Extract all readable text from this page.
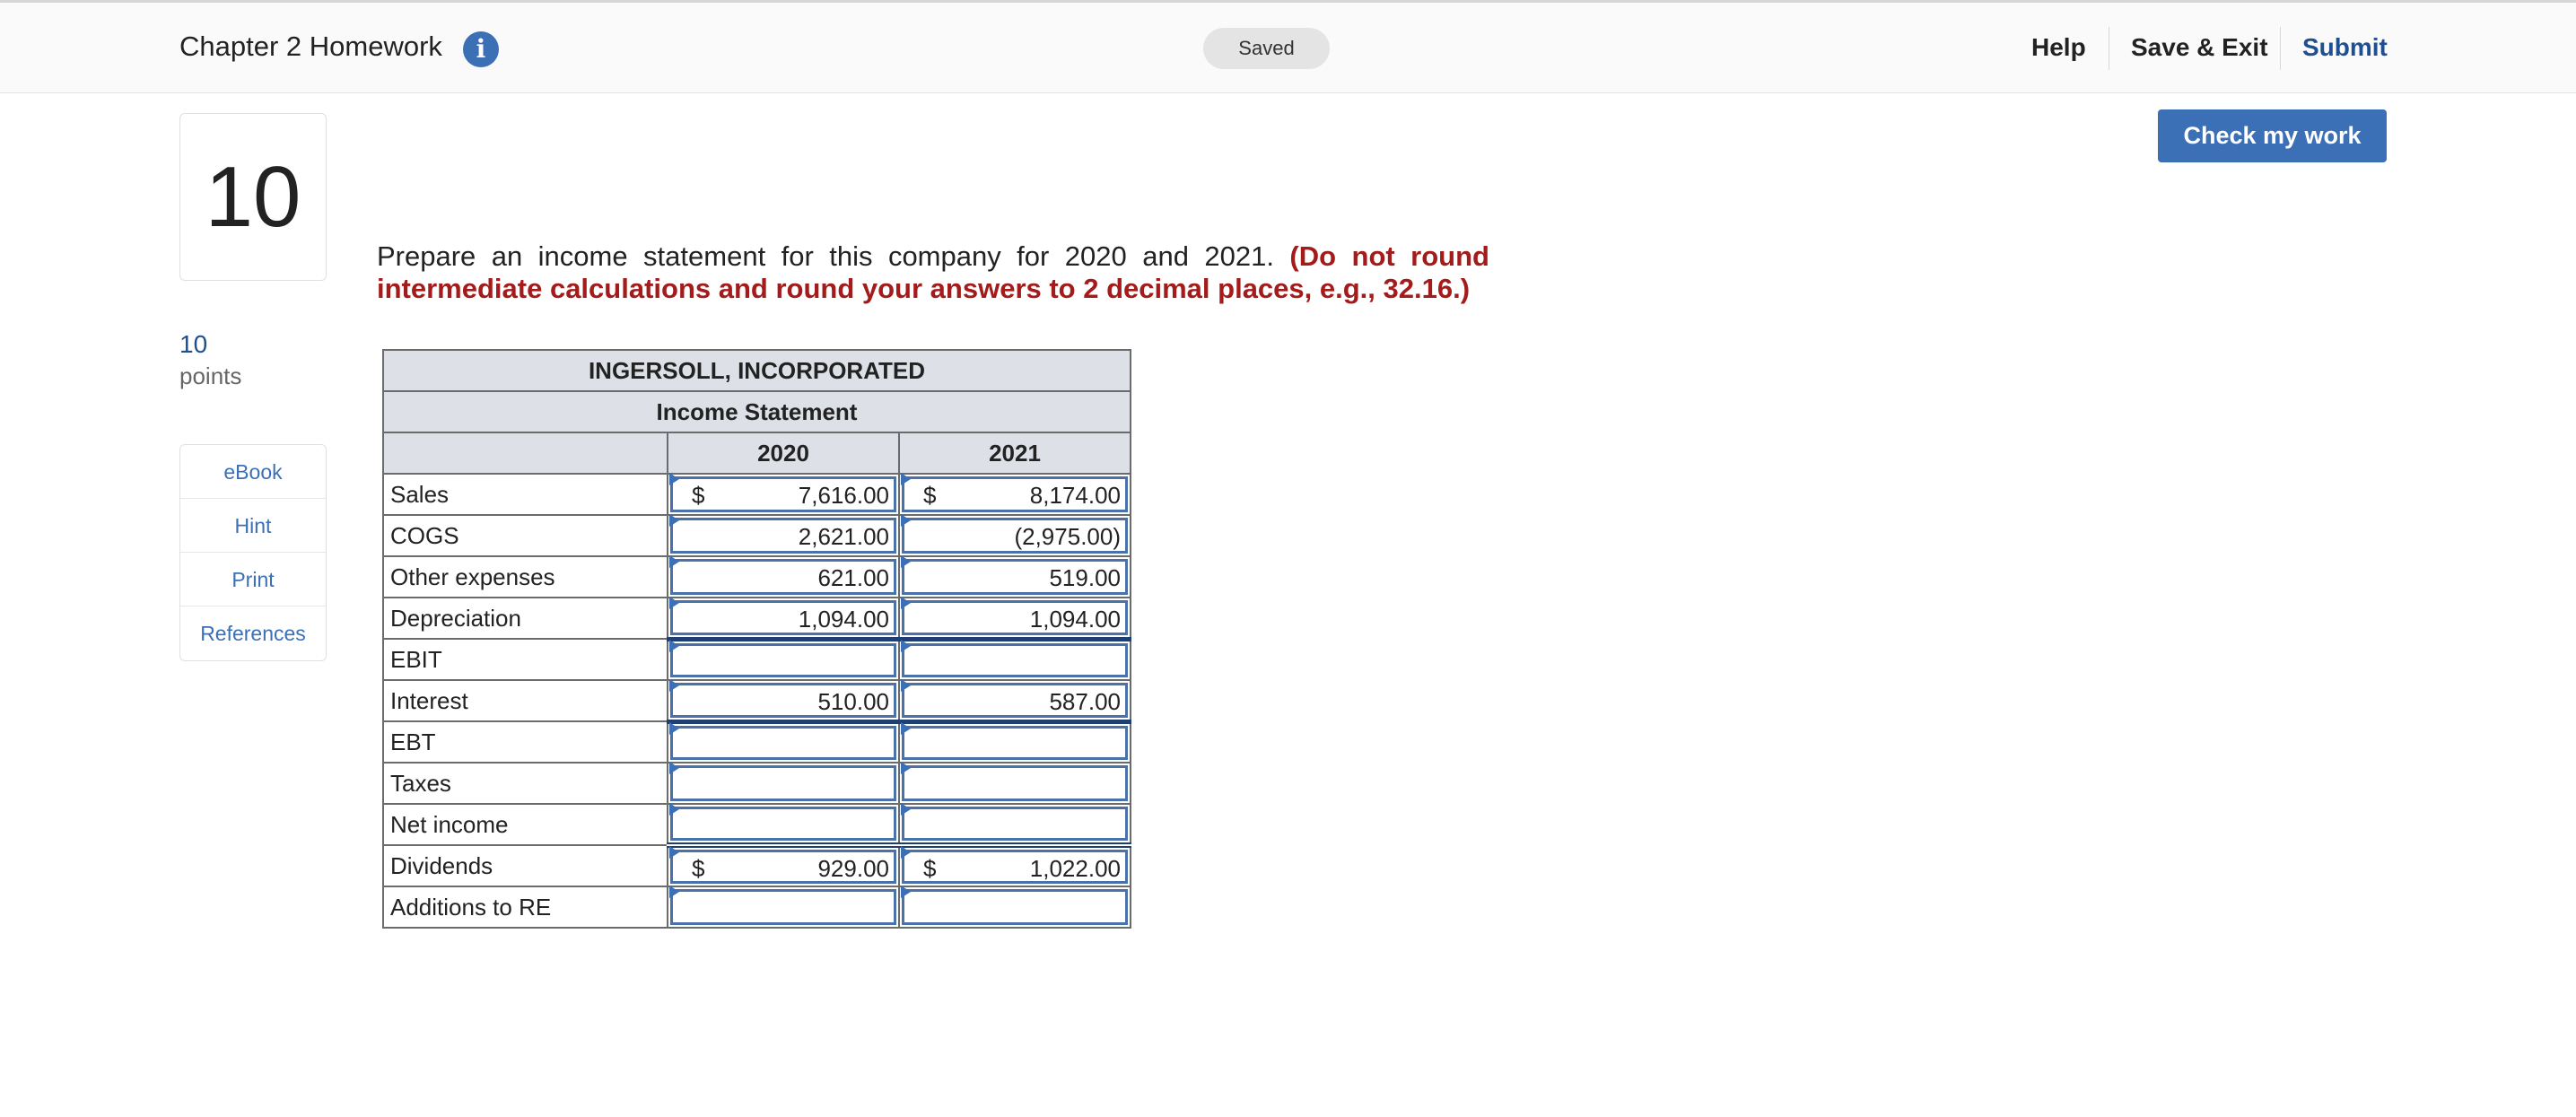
Chapter 2 Homework	i	Saved	Help Save & Exit Submit
Check my work
10
10
points
eBook
Hint
Print
References
Prepare an income statement for this company for 2020 and 2021. (Do not round intermediate calculations and round your answers to 2 decimal places, e.g., 32.16.)
INGERSOLL, INCORPORATED		
Income Statement		
	2020	2021
Sales	$ 7,616.00	$ 8,174.00

COGS	2,621.00	(2,975.00)

Other expenses	621.00	519.00

Depreciation	1,094.00	1,094.00

EBIT	

Interest	510.00	587.00

EBT	

Taxes	

Net income	

Dividends	$ 929.00	$ 1,022.00

Additions to RE	
